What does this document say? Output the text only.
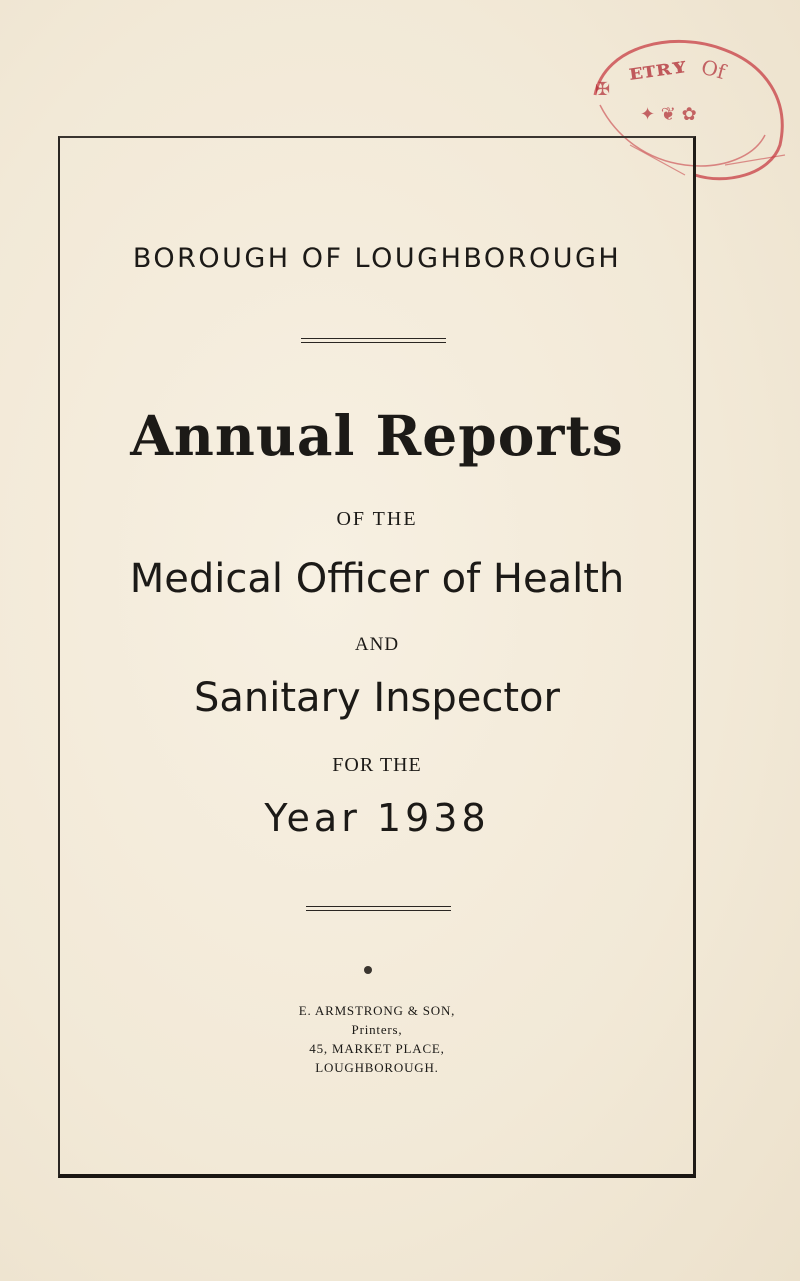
ᴇᴛʀʏ Of
✦ ❦ ✿
✠
BOROUGH OF LOUGHBOROUGH
Annual Reports
OF THE
Medical Officer of Health
AND
Sanitary Inspector
FOR THE
Year 1938
E. ARMSTRONG & SON,
Printers,
45, MARKET PLACE,
LOUGHBOROUGH.
